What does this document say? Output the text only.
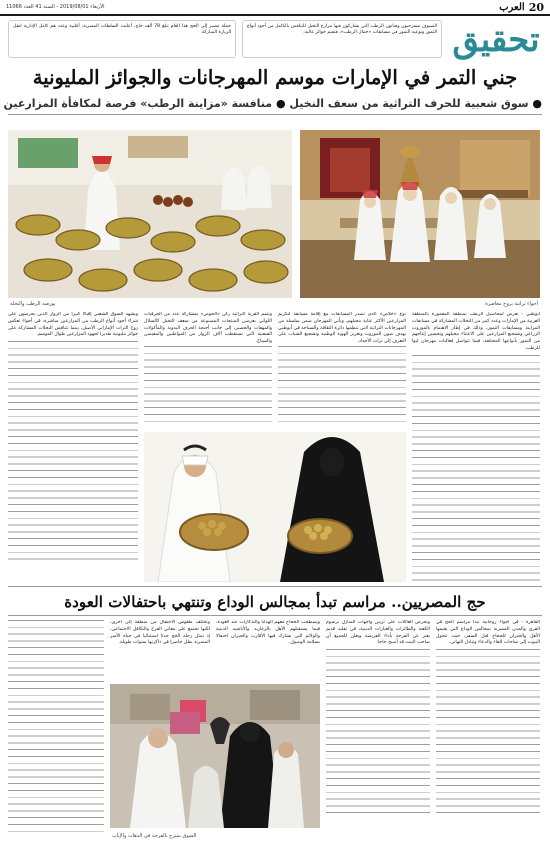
20
العرب
الأربعاء 2019/08/01 - السنة 41 العدد 11066
الضيوف مسرحيون وفنانون الرطب التي يشاركون فيها مزارع النخيل للتنافس بالكامل من أجود أنواع الثمور ونوعية التمور في مسابقات «جمال الرطب»، فتقيم جوائز عالية.
حملة مصير إلى الحج هذا العام تبلغ 78 ألف حاج، أعلنت السلطات المصرية، أغلبية وعدد هم كامل الإدارية لنقل الزيارة المباركة.	تحقيق
جني التمر في الإمارات موسم المهرجانات والجوائز المليونية
● سوق شعبية للحرف التراثية من سعف النخيل ● منافسة «مزاينة الرطب» فرصة لمكافأة المزارعين
أجواء تراثية بروح معاصرة
بورصة الرطب والنخلة

أبوظبي - تعرض لمحاصيل الرطب بمنطقة المقمورة بالمنطقة الغربية من الإمارات وعدد كبير من النخلات المشاركة في مسابقات المزاينة ومسابقات التمور، وذلك في إطار الاهتمام بالموروث الزراعي وتشجيع المزارعين على الاعتناء بنخيلهم وتحسين إنتاجهم من التمور بأنواعها المختلفة، فيما تتواصل فعاليات مهرجان ليوا للرطب.

نوع «خلاص» الذي تصدر المسابقات مع إقامة مسابقة لتكريم المزارعين الأكثر عناية بنخيلهم، ويأتي المهرجان ضمن سلسلة من المهرجانات التراثية التي تنظمها دائرة الثقافة والسياحة في أبوظبي بهدف صون الموروث وتعزيز الهوية الوطنية وتشجيع الشباب على التعرف إلى تراث الأجداد.

وتضم القرية التراثية ركن «الخوص» بمشاركة عدد من الحرفيات اللواتي يعرضن المنتجات المصنوعة من سعف النخيل كالسلال والمهفات والحصير، إلى جانب أجنحة الحرف اليدوية والمأكولات الشعبية التي تستقطب آلاف الزوار من المواطنين والمقيمين والسياح.

ويشهد السوق الشعبي إقبالا كبيرا من الزوار الذين يحرصون على شراء أجود أنواع الرطب من المزارعين مباشرة، في أجواء تعكس روح التراث الإماراتي الأصيل، بينما تتنافس النخلات المشاركة على جوائز مليونية تقديرا لجهود المزارعين طوال الموسم.

حج المصريين.. مراسم تبدأ بمجالس الوداع وتنتهي باحتفالات العودة

القاهرة - في أجواء روحانية تبدأ مراسم الحج في القرى والمدن المصرية بمجالس الوداع التي يقيمها الأهل والجيران للحجاج قبل السفر، حيث تتحول البيوت إلى ساحات للقاء والدعاء وتبادل التهاني.

وتحرص العائلات على تزيين واجهات المنازل برسوم الكعبة والطائرات والعبارات الدينية، في تقليد قديم يعبر عن الفرحة بأداء الفريضة ويعلن للجميع أن صاحب البيت قد أصبح حاجا.

ويصطحب الحجاج معهم الهدايا والتذكارات عند العودة، فيما يستقبلهم الأهل بالزغاريد والأناشيد الدينية والولائم التي يشارك فيها الأقارب والجيران احتفالا بسلامة الوصول.

وتختلف طقوس الاحتفال من منطقة إلى أخرى، لكنها تجتمع على معاني الفرح والتكافل الاجتماعي، إذ تمثل رحلة الحج حدثا استثنائيا في حياة الأسر المصرية يظل حاضرا في ذاكرتها سنوات طويلة.

الشوق يمتزج بالفرحة في الذهاب والإياب
